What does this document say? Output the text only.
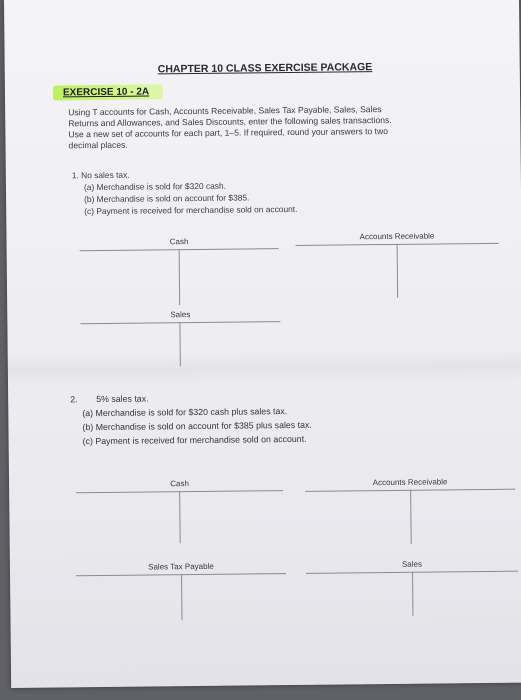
CHAPTER 10 CLASS EXERCISE PACKAGE
EXERCISE 10 - 2A
Using T accounts for Cash, Accounts Receivable, Sales Tax Payable, Sales, Sales
Returns and Allowances, and Sales Discounts, enter the following sales transactions.
Use a new set of accounts for each part, 1–5. If required, round your answers to two
decimal places.
1. No sales tax.
(a) Merchandise is sold for $320 cash.
(b) Merchandise is sold on account for $385.
(c) Payment is received for merchandise sold on account.
Cash
Accounts Receivable
Sales
2. 5% sales tax.
(a) Merchandise is sold for $320 cash plus sales tax.
(b) Merchandise is sold on account for $385 plus sales tax.
(c) Payment is received for merchandise sold on account.
Cash	Accounts Receivable
Sales Tax Payable	Sales
